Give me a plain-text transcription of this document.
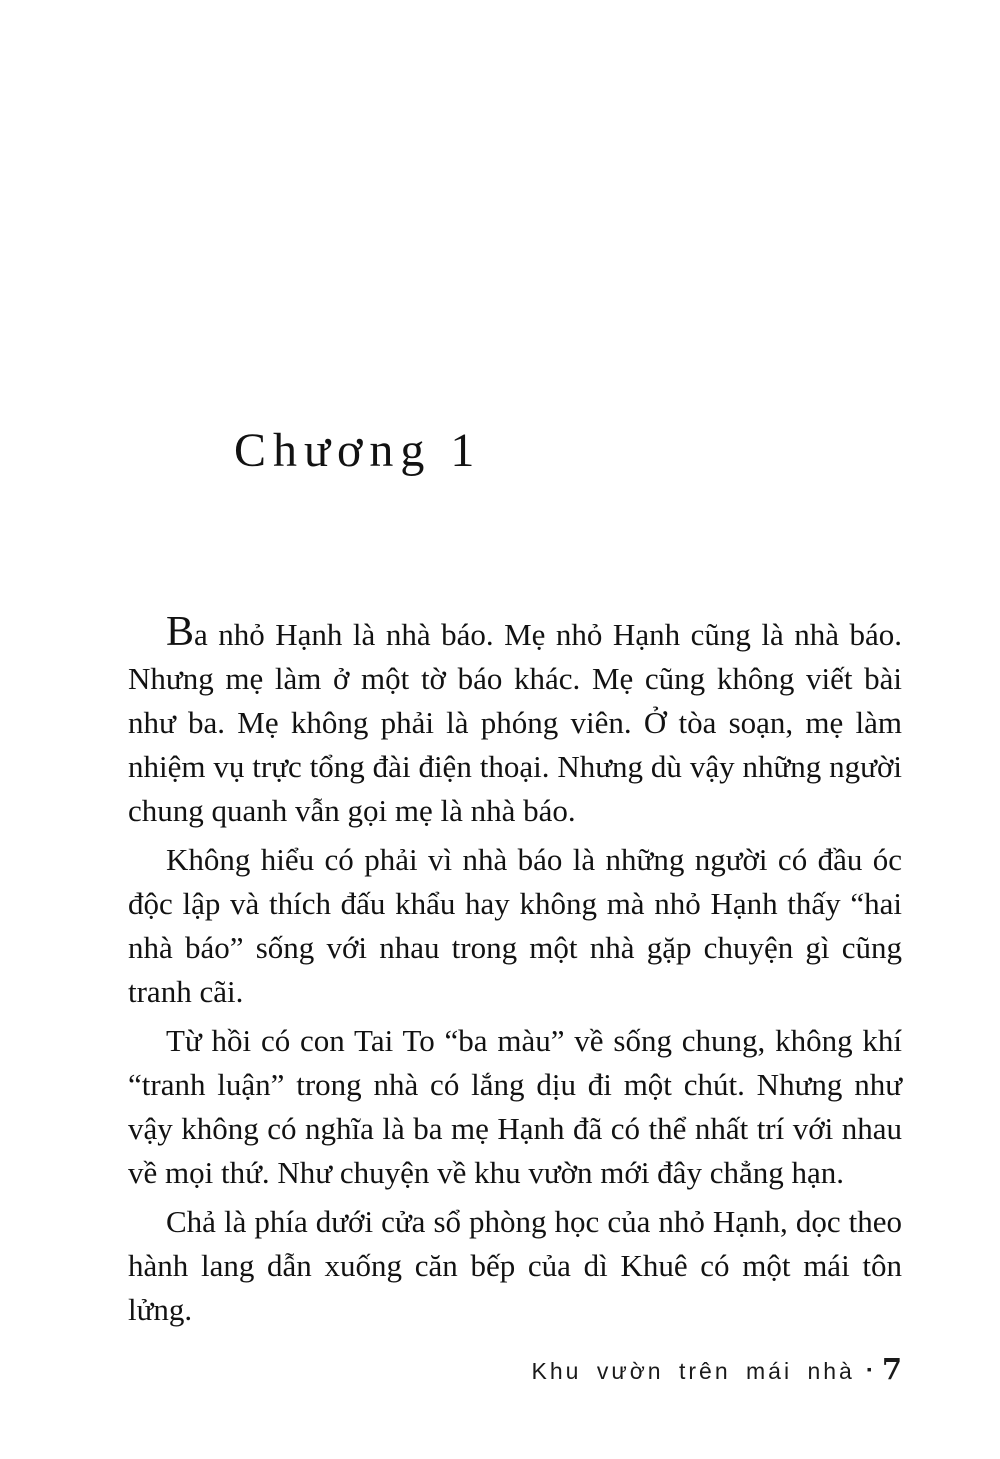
Chương 1

Ba nhỏ Hạnh là nhà báo. Mẹ nhỏ Hạnh cũng là nhà báo. Nhưng mẹ làm ở một tờ báo khác. Mẹ cũng không viết bài như ba. Mẹ không phải là phóng viên. Ở tòa soạn, mẹ làm nhiệm vụ trực tổng đài điện thoại. Nhưng dù vậy những người chung quanh vẫn gọi mẹ là nhà báo.

Không hiểu có phải vì nhà báo là những người có đầu óc độc lập và thích đấu khẩu hay không mà nhỏ Hạnh thấy “hai nhà báo” sống với nhau trong một nhà gặp chuyện gì cũng tranh cãi.

Từ hồi có con Tai To “ba màu” về sống chung, không khí “tranh luận” trong nhà có lắng dịu đi một chút. Nhưng như vậy không có nghĩa là ba mẹ Hạnh đã có thể nhất trí với nhau về mọi thứ. Như chuyện về khu vườn mới đây chẳng hạn.

Chả là phía dưới cửa sổ phòng học của nhỏ Hạnh, dọc theo hành lang dẫn xuống căn bếp của dì Khuê có một mái tôn lửng.

Khu vườn trên mái nhà ▪ 7
